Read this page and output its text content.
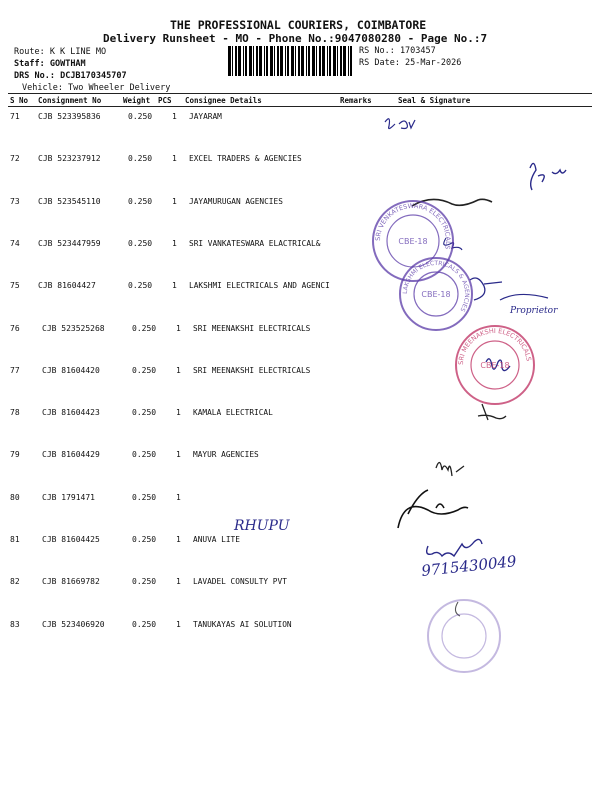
THE PROFESSIONAL COURIERS, COIMBATORE
Delivery Runsheet - MO - Phone No.:9047080280 - Page No.:7
Route: K K LINE MO
Staff: GOWTHAM
DRS No.: DCJB170345707
Vehicle: Two Wheeler Delivery
RS No.: 1703457
RS Date: 25-Mar-2026
S No Consignment No	Weight PCS Consignee Details	Remarks	Seal & Signature
71 CJB 523395836	0.250 1 JAYARAM
72 CJB 523237912	0.250 1 EXCEL TRADERS & AGENCIES
73 CJB 523545110	0.250 1 JAYAMURUGAN AGENCIES
74 CJB 523447959	0.250 1 SRI VANKATESWARA ELACTRICAL&
75 CJB 81604427	0.250 1 LAKSHMI ELECTRICALS AND AGENCI
76	CJB 523525268	0.250 1 SRI MEENAKSHI ELECTRICALS
77	CJB 81604420	0.250 1 SRI MEENAKSHI ELECTRICALS
78	CJB 81604423	0.250 1 KAMALA ELECTRICAL
79	CJB 81604429	0.250 1 MAYUR AGENCIES
80	CJB 1791471	0.250 1
81	CJB 81604425	0.250 1 ANUVA LITE
82	CJB 81669782	0.250 1 LAVADEL CONSULTY PVT
83	CJB 523406920	0.250 1 TANUKAYAS AI SOLUTION
Proprietor
RHUPU
9715430049
SRI VENKATESWARA ELECTRICALS
CBE-18
LAKSHMI ELECTRICALS & AGENCIES
CBE-18
SRI MEENAKSHI ELECTRICALS
CBE-18
